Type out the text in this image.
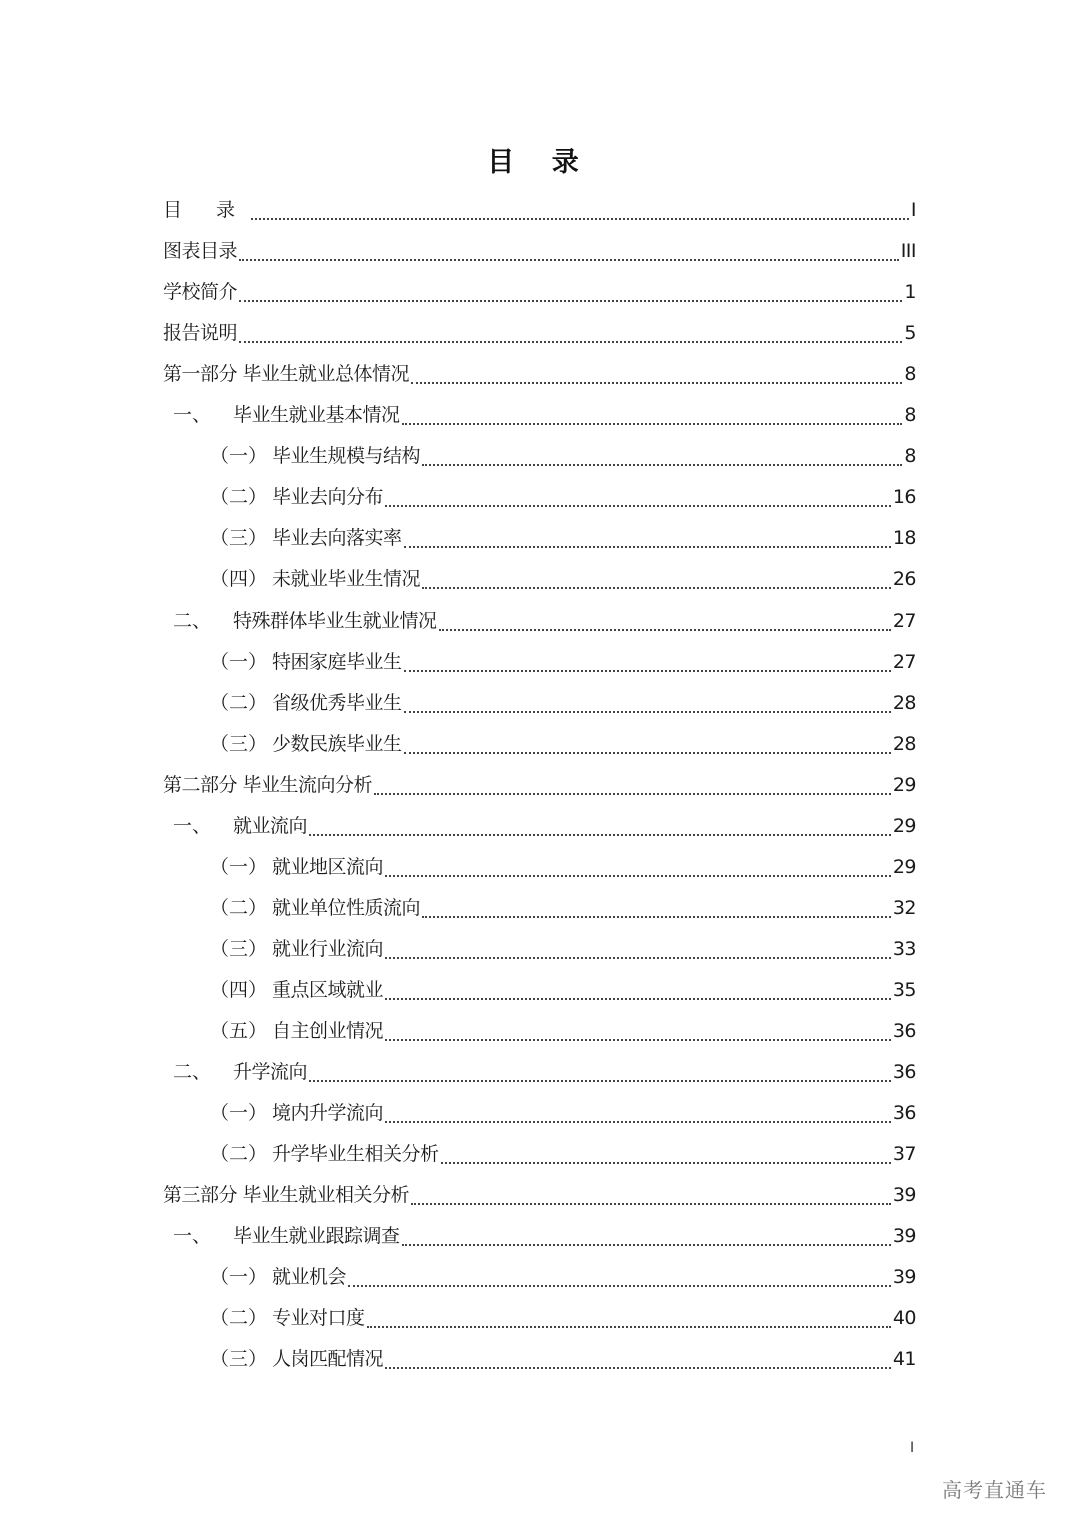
目 录
目 录	I
图表目录	III
学校简介	1
报告说明	5
第一部分 毕业生就业总体情况	8
一、	毕业生就业基本情况	8
（一） 毕业生规模与结构	8
（二） 毕业去向分布	16
（三） 毕业去向落实率	18
（四） 未就业毕业生情况	26
二、	特殊群体毕业生就业情况	27
（一） 特困家庭毕业生	27
（二） 省级优秀毕业生	28
（三） 少数民族毕业生	28
第二部分 毕业生流向分析	29
一、	就业流向	29
（一） 就业地区流向	29
（二） 就业单位性质流向	32
（三） 就业行业流向	33
（四） 重点区域就业	35
（五） 自主创业情况	36
二、	升学流向	36
（一） 境内升学流向	36
（二） 升学毕业生相关分析	37
第三部分 毕业生就业相关分析	39
一、	毕业生就业跟踪调查	39
（一） 就业机会	39
（二） 专业对口度	40
（三） 人岗匹配情况	41
I
高考直通车
